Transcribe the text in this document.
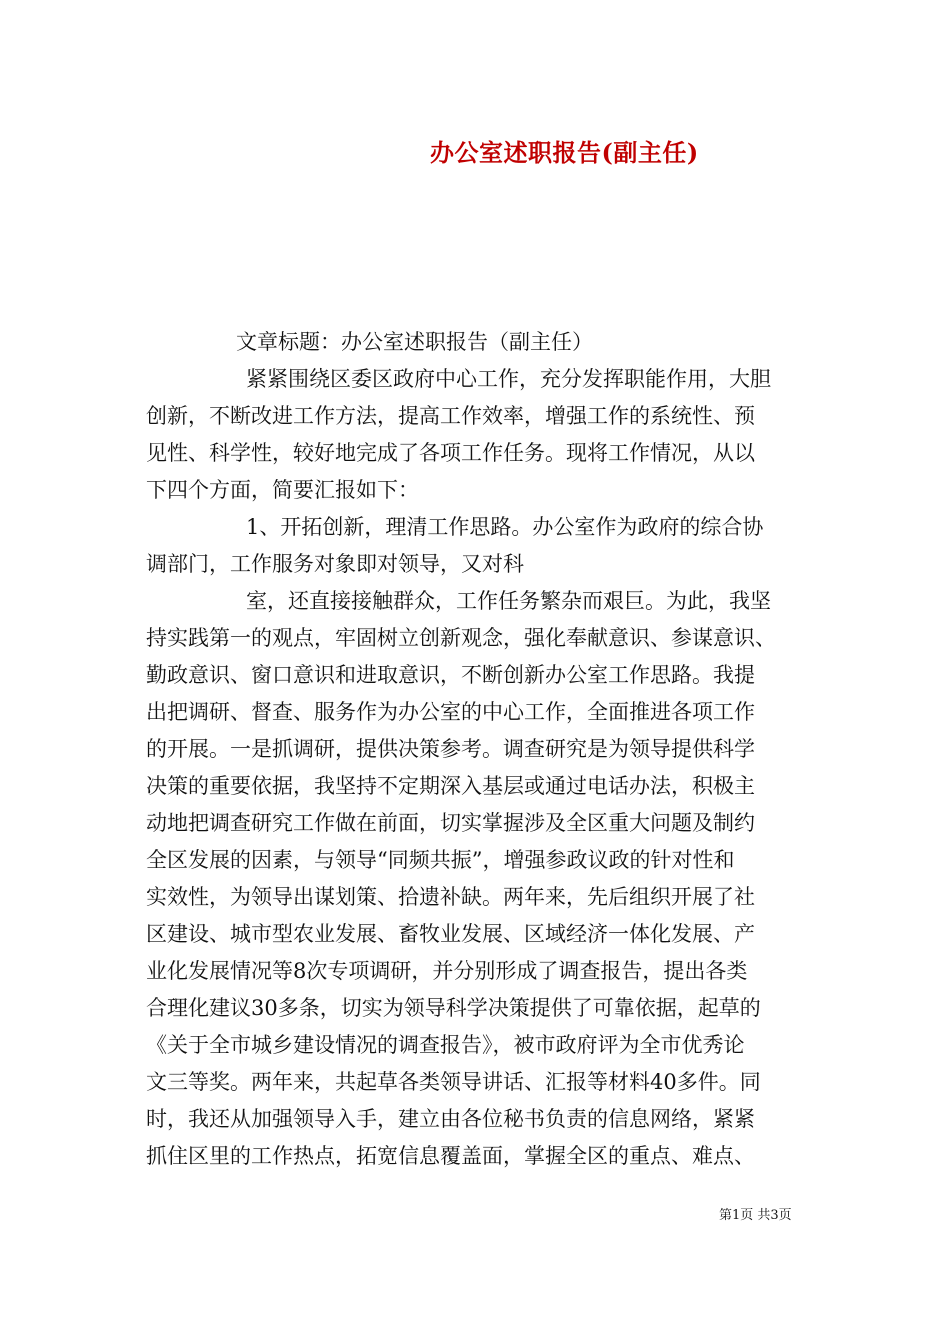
办公室述职报告(副主任)
文章标题：办公室述职报告（副主任）
紧紧围绕区委区政府中心工作，充分发挥职能作用，大胆
创新，不断改进工作方法，提高工作效率，增强工作的系统性、预
见性、科学性，较好地完成了各项工作任务。现将工作情况，从以
下四个方面，简要汇报如下：
1、开拓创新，理清工作思路。办公室作为政府的综合协
调部门，工作服务对象即对领导，又对科
室，还直接接触群众，工作任务繁杂而艰巨。为此，我坚
持实践第一的观点，牢固树立创新观念，强化奉献意识、参谋意识、
勤政意识、窗口意识和进取意识，不断创新办公室工作思路。我提
出把调研、督查、服务作为办公室的中心工作，全面推进各项工作
的开展。一是抓调研，提供决策参考。调查研究是为领导提供科学
决策的重要依据，我坚持不定期深入基层或通过电话办法，积极主
动地把调查研究工作做在前面，切实掌握涉及全区重大问题及制约
全区发展的因素，与领导“同频共振”，增强参政议政的针对性和
实效性，为领导出谋划策、拾遗补缺。两年来，先后组织开展了社
区建设、城市型农业发展、畜牧业发展、区域经济一体化发展、产
业化发展情况等8次专项调研，并分别形成了调查报告，提出各类
合理化建议30多条，切实为领导科学决策提供了可靠依据，起草的
《关于全市城乡建设情况的调查报告》，被市政府评为全市优秀论
文三等奖。两年来，共起草各类领导讲话、汇报等材料40多件。同
时，我还从加强领导入手，建立由各位秘书负责的信息网络，紧紧
抓住区里的工作热点，拓宽信息覆盖面，掌握全区的重点、难点、
第1页 共3页
